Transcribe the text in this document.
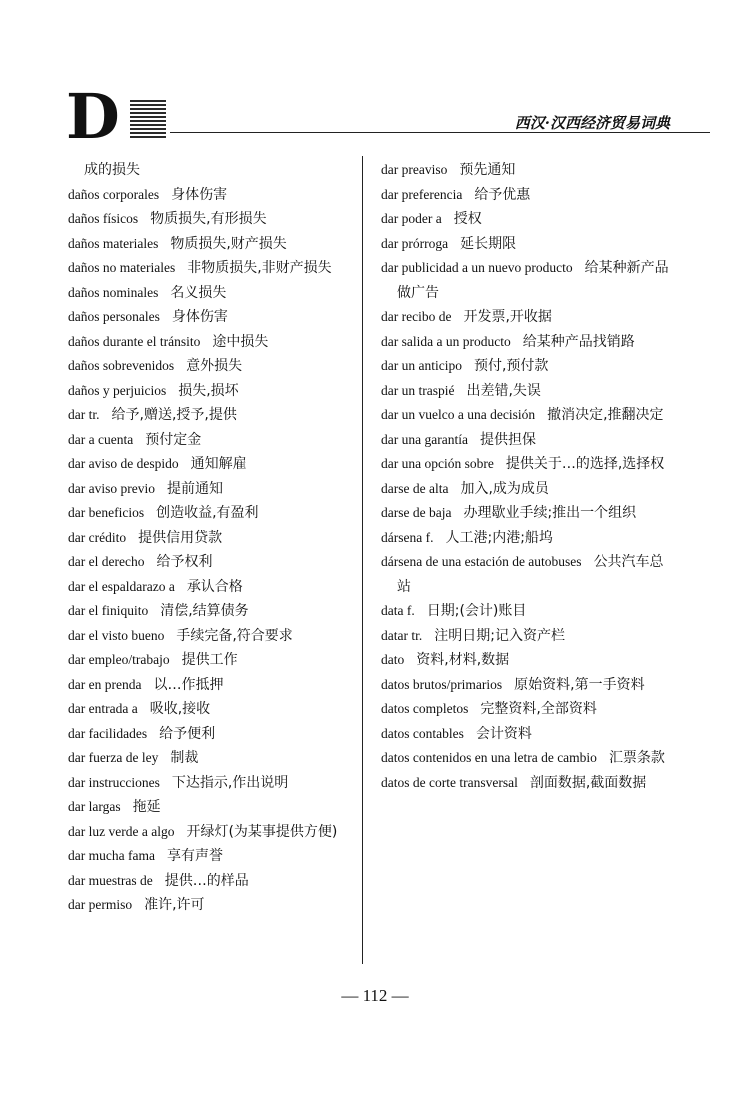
D	西汉·汉西经济贸易词典
成的损失
daños corporales 身体伤害
daños físicos 物质损失,有形损失
daños materiales 物质损失,财产损失
daños no materiales 非物质损失,非财产损失
daños nominales 名义损失
daños personales 身体伤害
daños durante el tránsito 途中损失
daños sobrevenidos 意外损失
daños y perjuicios 损失,损坏
dar tr. 给予,赠送,授予,提供
dar a cuenta 预付定金
dar aviso de despido 通知解雇
dar aviso previo 提前通知
dar beneficios 创造收益,有盈利
dar crédito 提供信用贷款
dar el derecho 给予权利
dar el espaldarazo a 承认合格
dar el finiquito 清偿,结算债务
dar el visto bueno 手续完备,符合要求
dar empleo/trabajo 提供工作
dar en prenda 以…作抵押
dar entrada a 吸收,接收
dar facilidades 给予便利
dar fuerza de ley 制裁
dar instrucciones 下达指示,作出说明
dar largas 拖延
dar luz verde a algo 开绿灯(为某事提供方便)
dar mucha fama 享有声誉
dar muestras de 提供…的样品
dar permiso 准许,许可
dar preaviso 预先通知
dar preferencia 给予优惠
dar poder a 授权
dar prórroga 延长期限
dar publicidad a un nuevo producto 给某种新产品做广告
dar recibo de 开发票,开收据
dar salida a un producto 给某种产品找销路
dar un anticipo 预付,预付款
dar un traspié 出差错,失误
dar un vuelco a una decisión 撤消决定,推翻决定
dar una garantía 提供担保
dar una opción sobre 提供关于…的选择,选择权
darse de alta 加入,成为成员
darse de baja 办理歇业手续;推出一个组织
dársena f. 人工港;内港;船坞
dársena de una estación de autobuses 公共汽车总站
data f. 日期;(会计)账目
datar tr. 注明日期;记入资产栏
dato 资料,材料,数据
datos brutos/primarios 原始资料,第一手资料
datos completos 完整资料,全部资料
datos contables 会计资料
datos contenidos en una letra de cambio 汇票条款
datos de corte transversal 剖面数据,截面数据
— 112 —
